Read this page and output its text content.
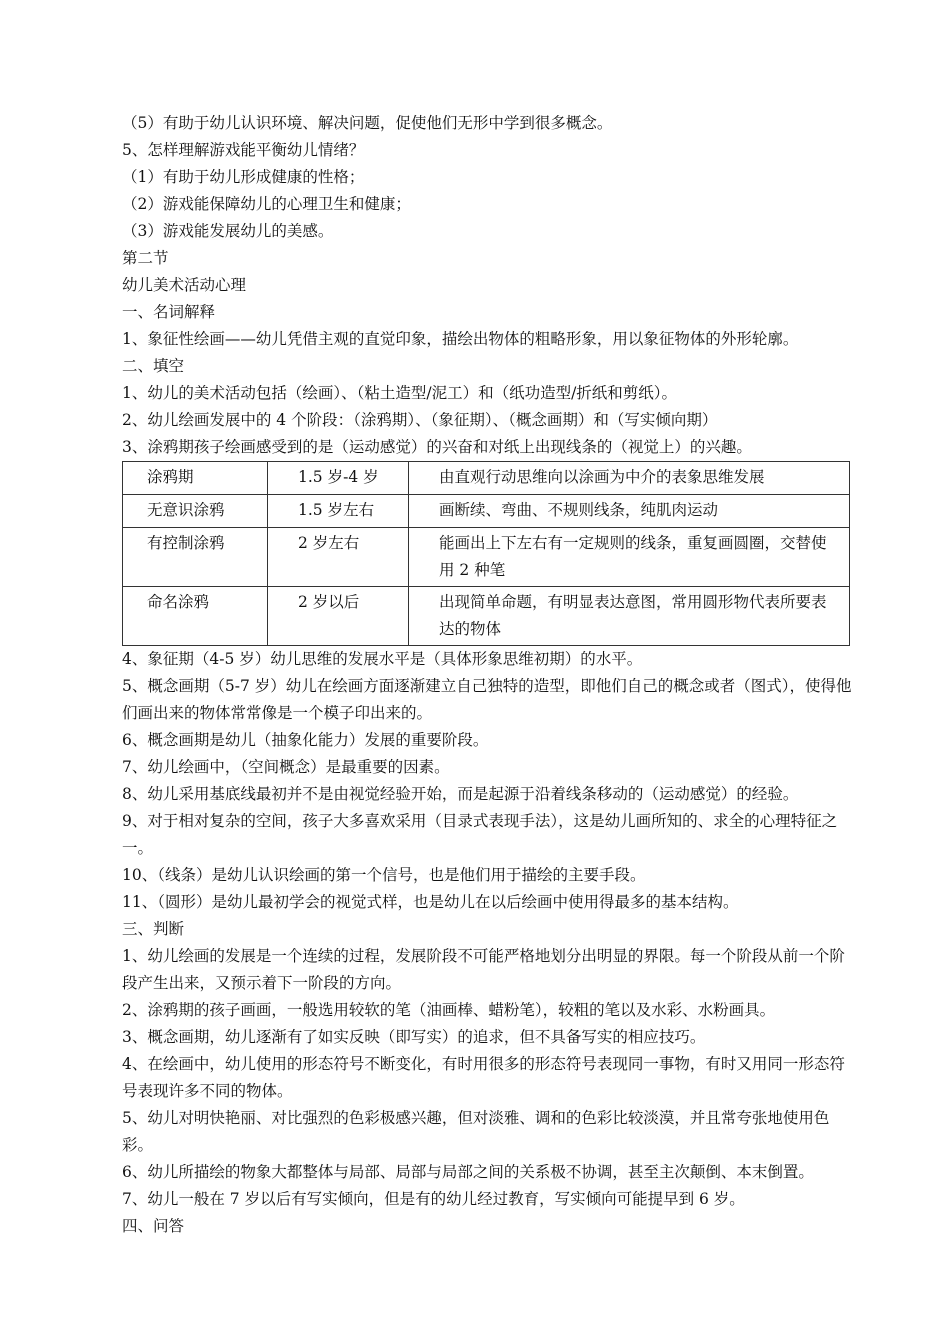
（5）有助于幼儿认识环境、解决问题，促使他们无形中学到很多概念。

5、怎样理解游戏能平衡幼儿情绪？

（1）有助于幼儿形成健康的性格；

（2）游戏能保障幼儿的心理卫生和健康；

（3）游戏能发展幼儿的美感。

第二节

幼儿美术活动心理

一、名词解释

1、象征性绘画——幼儿凭借主观的直觉印象，描绘出物体的粗略形象，用以象征物体的外形轮廓。

二、填空

1、幼儿的美术活动包括（绘画）、（粘土造型/泥工）和（纸功造型/折纸和剪纸）。

2、幼儿绘画发展中的 4 个阶段：（涂鸦期）、（象征期）、（概念画期）和（写实倾向期）

3、涂鸦期孩子绘画感受到的是（运动感觉）的兴奋和对纸上出现线条的（视觉上）的兴趣。

涂鸦期	1.5 岁-4 岁	由直观行动思维向以涂画为中介的表象思维发展
无意识涂鸦	1.5 岁左右	画断续、弯曲、不规则线条，纯肌肉运动
有控制涂鸦	2 岁左右	能画出上下左右有一定规则的线条，重复画圆圈，交替使用 2 种笔
命名涂鸦	2 岁以后	出现简单命题，有明显表达意图，常用圆形物代表所要表达的物体

4、象征期（4-5 岁）幼儿思维的发展水平是（具体形象思维初期）的水平。

5、概念画期（5-7 岁）幼儿在绘画方面逐渐建立自己独特的造型，即他们自己的概念或者（图式），使得他们画出来的物体常常像是一个模子印出来的。

6、概念画期是幼儿（抽象化能力）发展的重要阶段。

7、幼儿绘画中，（空间概念）是最重要的因素。

8、幼儿采用基底线最初并不是由视觉经验开始，而是起源于沿着线条移动的（运动感觉）的经验。

9、对于相对复杂的空间，孩子大多喜欢采用（目录式表现手法），这是幼儿画所知的、求全的心理特征之一。

10、（线条）是幼儿认识绘画的第一个信号，也是他们用于描绘的主要手段。

11、（圆形）是幼儿最初学会的视觉式样，也是幼儿在以后绘画中使用得最多的基本结构。

三、判断

1、幼儿绘画的发展是一个连续的过程，发展阶段不可能严格地划分出明显的界限。每一个阶段从前一个阶段产生出来，又预示着下一阶段的方向。

2、涂鸦期的孩子画画，一般选用较软的笔（油画棒、蜡粉笔），较粗的笔以及水彩、水粉画具。

3、概念画期，幼儿逐渐有了如实反映（即写实）的追求，但不具备写实的相应技巧。

4、在绘画中，幼儿使用的形态符号不断变化，有时用很多的形态符号表现同一事物，有时又用同一形态符号表现许多不同的物体。

5、幼儿对明快艳丽、对比强烈的色彩极感兴趣，但对淡雅、调和的色彩比较淡漠，并且常夸张地使用色彩。

6、幼儿所描绘的物象大都整体与局部、局部与局部之间的关系极不协调，甚至主次颠倒、本末倒置。

7、幼儿一般在 7 岁以后有写实倾向，但是有的幼儿经过教育，写实倾向可能提早到 6 岁。

四、问答
